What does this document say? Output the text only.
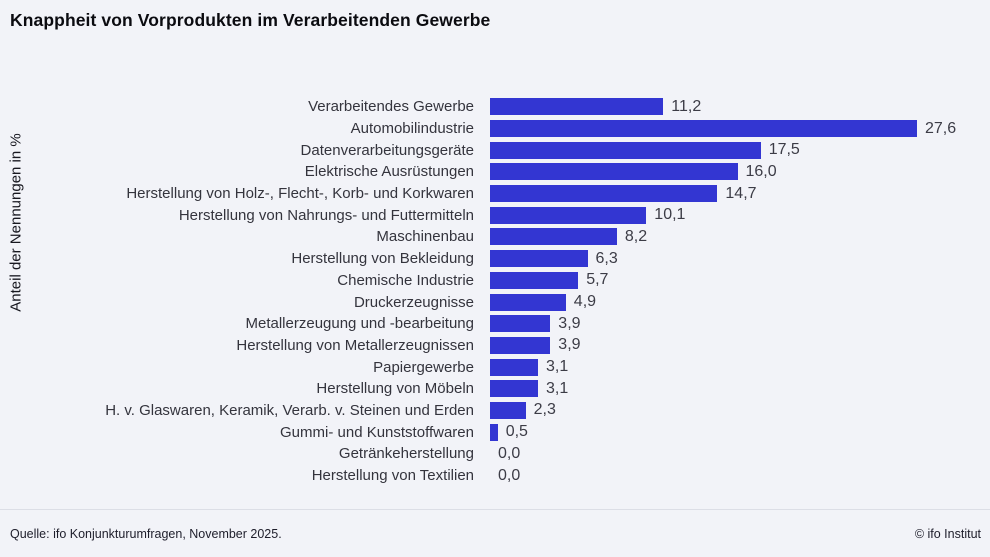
Knappheit von Vorprodukten im Verarbeitenden Gewerbe
Anteil der Nennungen in %
Verarbeitendes Gewerbe	11,2
Automobilindustrie	27,6
Datenverarbeitungsgeräte	17,5
Elektrische Ausrüstungen	16,0
Herstellung von Holz-, Flecht-, Korb- und Korkwaren	14,7
Herstellung von Nahrungs- und Futtermitteln	10,1
Maschinenbau	8,2
Herstellung von Bekleidung	6,3
Chemische Industrie	5,7
Druckerzeugnisse	4,9
Metallerzeugung und -bearbeitung	3,9
Herstellung von Metallerzeugnissen	3,9
Papiergewerbe	3,1
Herstellung von Möbeln	3,1
H. v. Glaswaren, Keramik, Verarb. v. Steinen und Erden	2,3
Gummi- und Kunststoffwaren	0,5
Getränkeherstellung	0,0
Herstellung von Textilien	0,0
Quelle: ifo Konjunkturumfragen, November 2025.	© ifo Institut
